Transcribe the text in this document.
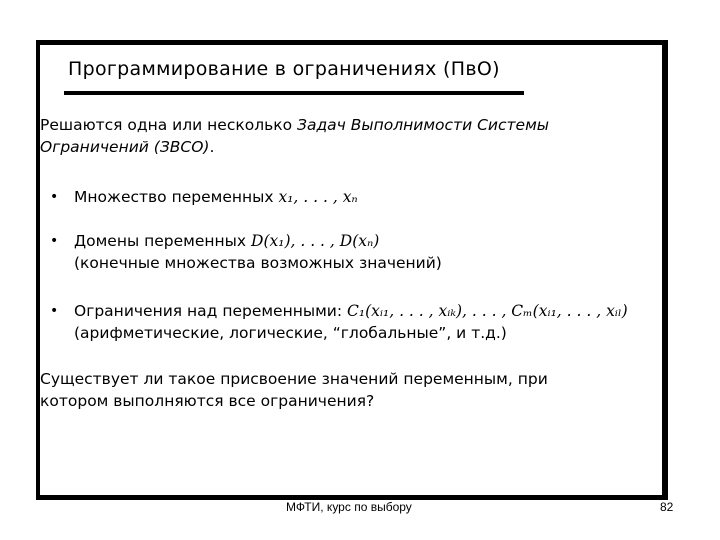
Программирование в ограничениях (ПвО)
Решаются одна или несколько Задач Выполнимости Системы Ограничений (ЗВСО).
• Множество переменных x₁, . . . , xₙ
• Домены переменных D(x₁), . . . , D(xₙ)
(конечные множества возможных значений)
• Ограничения над переменными: C₁(xᵢ₁, . . . , xᵢₖ), . . . , Cₘ(xᵢ₁, . . . , xᵢₗ)
(арифметические, логические, “глобальные”, и т.д.)
Существует ли такое присвоение значений переменным, при котором выполняются все ограничения?
МФТИ, курс по выбору	82
